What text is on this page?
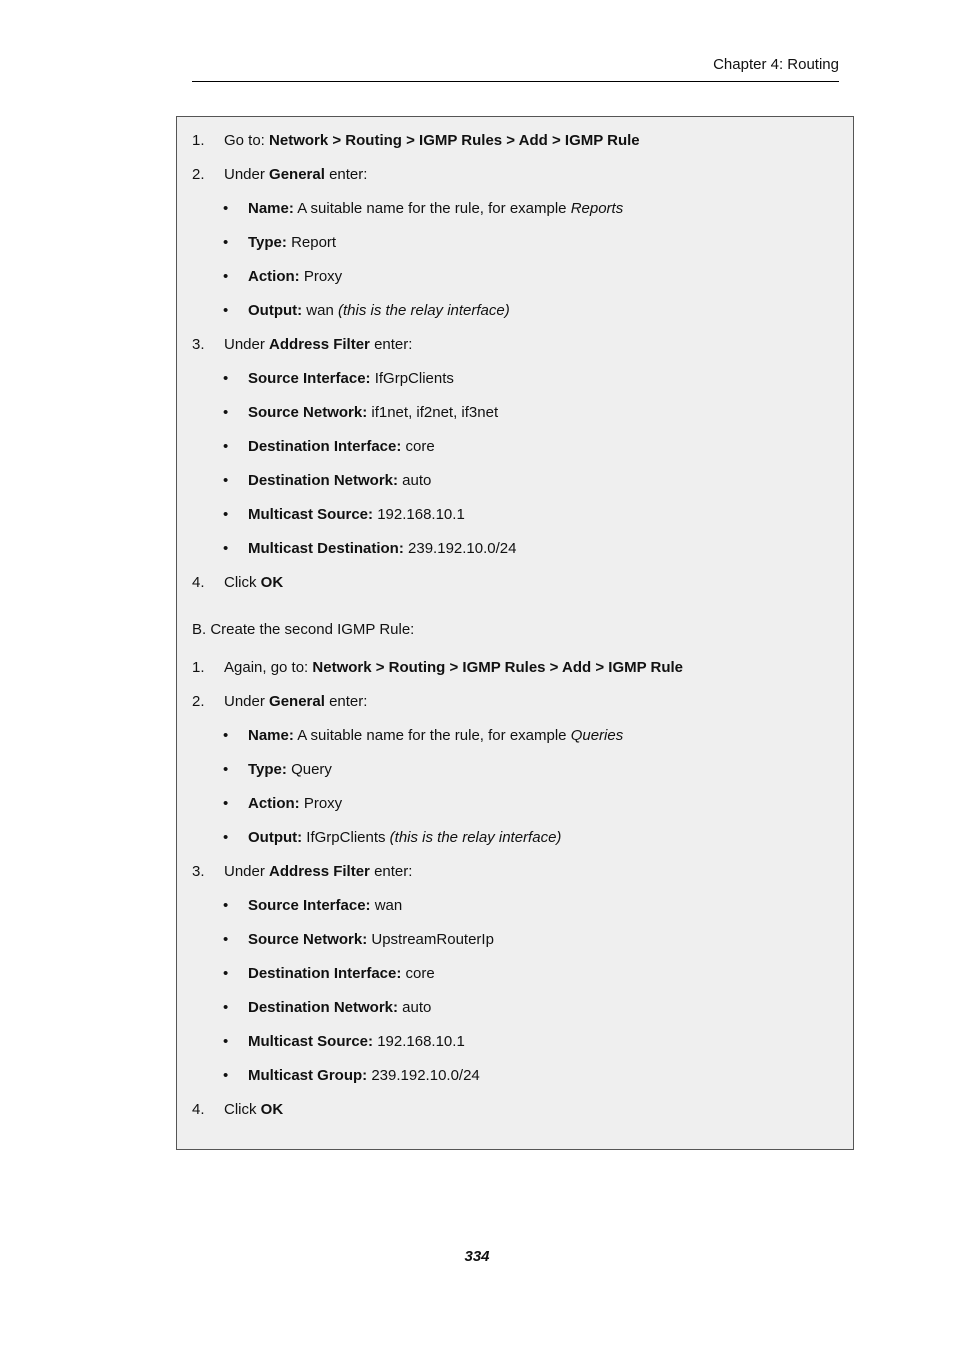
Chapter 4: Routing
1. Go to: Network > Routing > IGMP Rules > Add > IGMP Rule
2. Under General enter:
• Name: A suitable name for the rule, for example Reports
• Type: Report
• Action: Proxy
• Output: wan (this is the relay interface)
3. Under Address Filter enter:
• Source Interface: IfGrpClients
• Source Network: if1net, if2net, if3net
• Destination Interface: core
• Destination Network: auto
• Multicast Source: 192.168.10.1
• Multicast Destination: 239.192.10.0/24
4. Click OK
B. Create the second IGMP Rule:
1. Again, go to: Network > Routing > IGMP Rules > Add > IGMP Rule
2. Under General enter:
• Name: A suitable name for the rule, for example Queries
• Type: Query
• Action: Proxy
• Output: IfGrpClients (this is the relay interface)
3. Under Address Filter enter:
• Source Interface: wan
• Source Network: UpstreamRouterIp
• Destination Interface: core
• Destination Network: auto
• Multicast Source: 192.168.10.1
• Multicast Group: 239.192.10.0/24
4. Click OK
334
